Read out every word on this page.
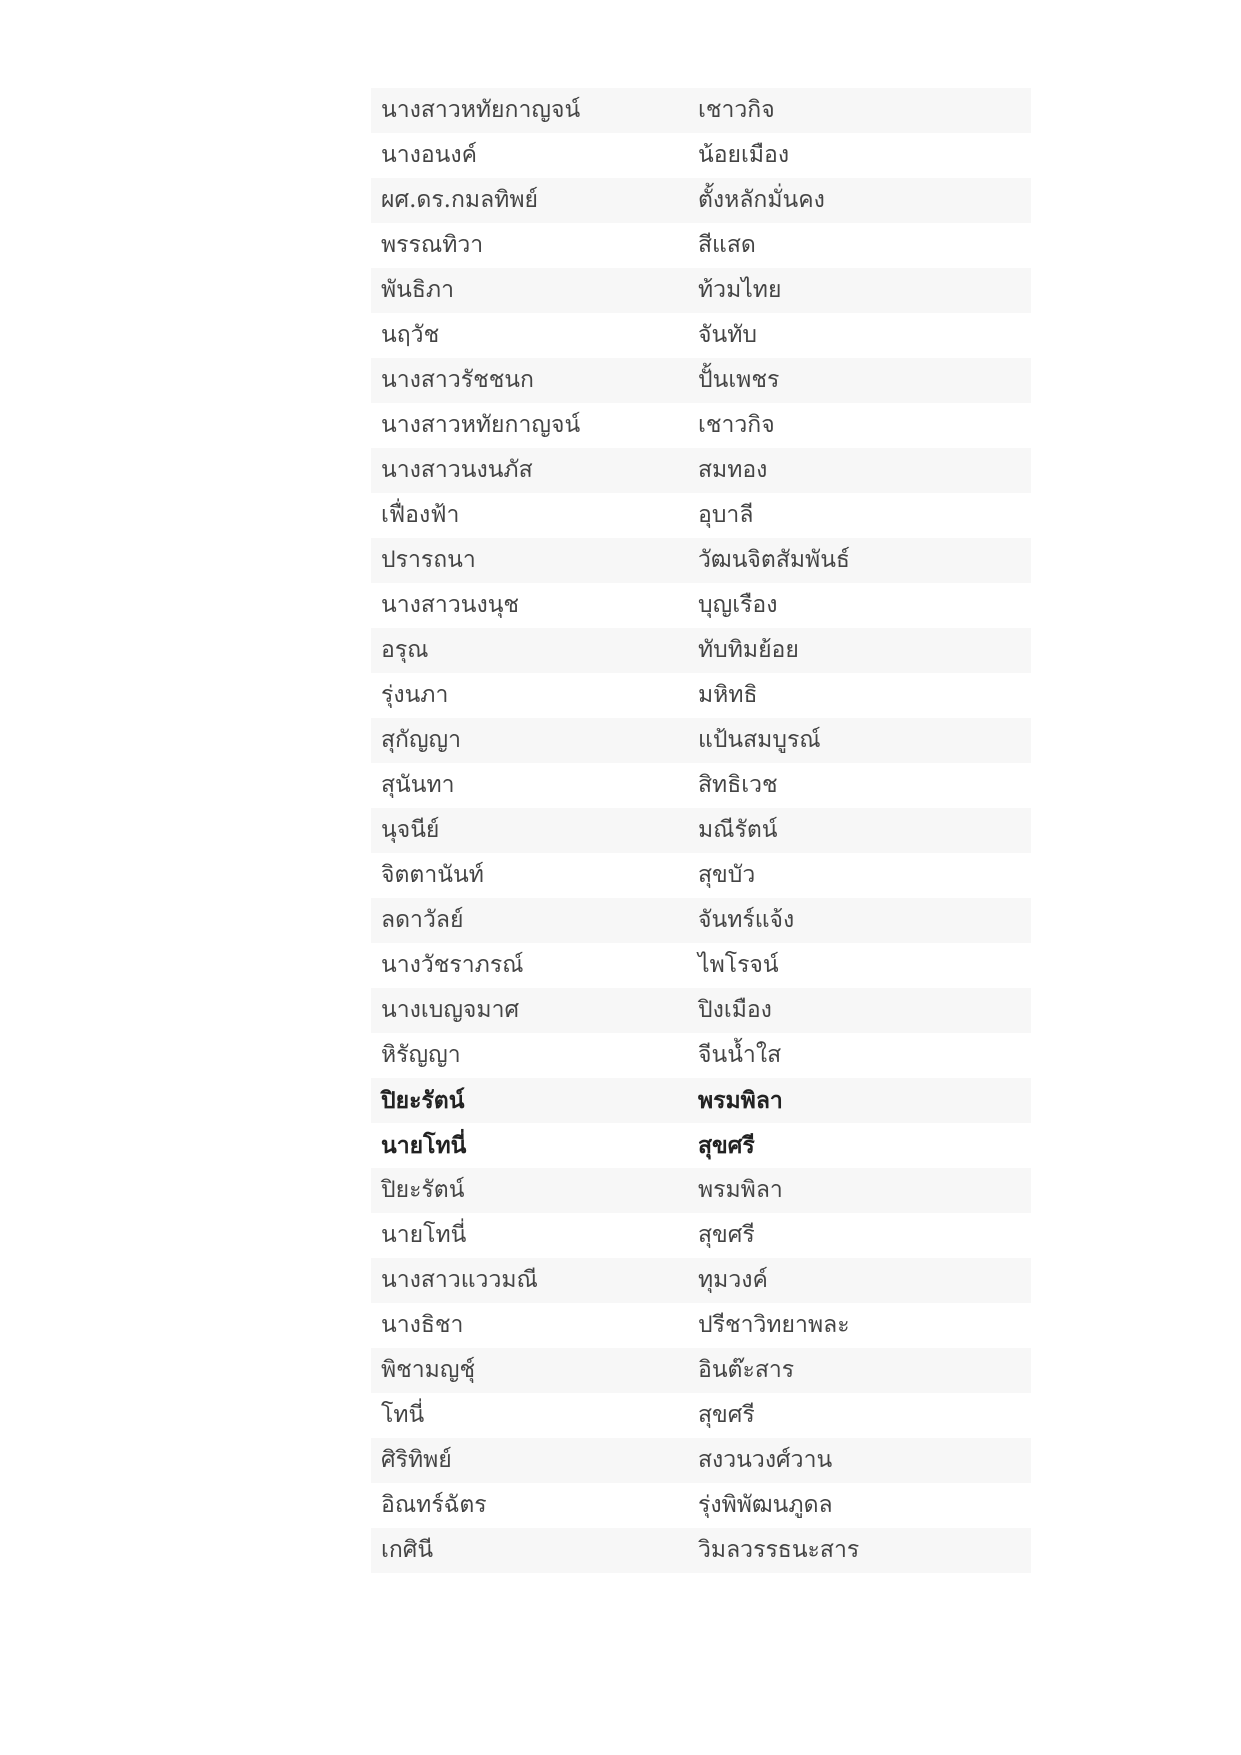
นางสาวหทัยกาญจน์	เชาวกิจ
นางอนงค์	น้อยเมือง
ผศ.ดร.กมลทิพย์	ตั้งหลักมั่นคง
พรรณทิวา	สีแสด
พันธิภา	ท้วมไทย
นฤวัช	จันทับ
นางสาวรัชชนก	ปั้นเพชร
นางสาวหทัยกาญจน์	เชาวกิจ
นางสาวนงนภัส	สมทอง
เฟื่องฟ้า	อุบาลี
ปรารถนา	วัฒนจิตสัมพันธ์
นางสาวนงนุช	บุญเรือง
อรุณ	ทับทิมย้อย
รุ่งนภา	มหิทธิ
สุกัญญา	แป้นสมบูรณ์
สุนันทา	สิทธิเวช
นุจนีย์	มณีรัตน์
จิตตานันท์	สุขบัว
ลดาวัลย์	จันทร์แจ้ง
นางวัชราภรณ์	ไพโรจน์
นางเบญจมาศ	ปิงเมือง
หิรัญญา	จีนน้ำใส
ปิยะรัตน์	พรมพิลา
นายโทนี่	สุขศรี
ปิยะรัตน์	พรมพิลา
นายโทนี่	สุขศรี
นางสาวแววมณี	ทุมวงค์
นางธิชา	ปรีชาวิทยาพละ
พิชามญชุ์	อินต๊ะสาร
โทนี่	สุขศรี
ศิริทิพย์	สงวนวงศ์วาน
อิณทร์ฉัตร	รุ่งพิพัฒนภูดล
เกศินี	วิมลวรรธนะสาร
